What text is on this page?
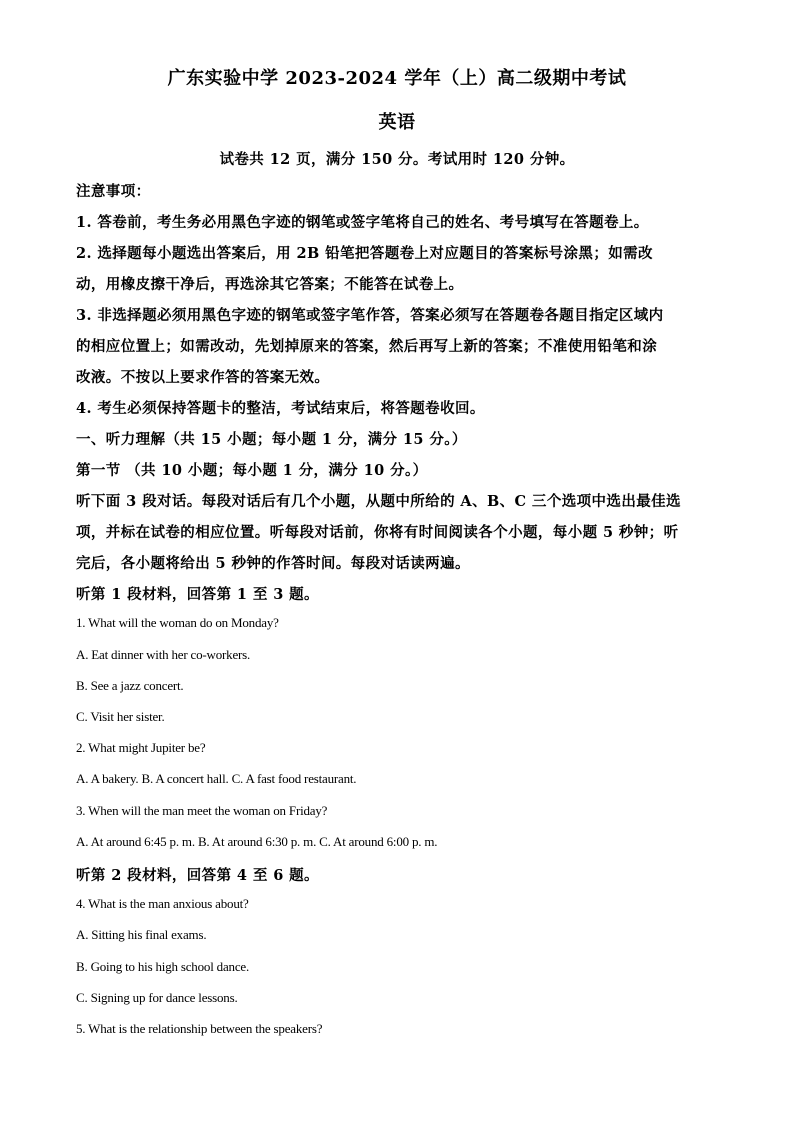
广东实验中学 2023-2024 学年（上）高二级期中考试
英语
试卷共 12 页，满分 150 分。考试用时 120 分钟。
注意事项：
1. 答卷前，考生务必用黑色字迹的钢笔或签字笔将自己的姓名、考号填写在答题卷上。
2. 选择题每小题选出答案后，用 2B 铅笔把答题卷上对应题目的答案标号涂黑；如需改
动，用橡皮擦干净后，再选涂其它答案；不能答在试卷上。
3. 非选择题必须用黑色字迹的钢笔或签字笔作答，答案必须写在答题卷各题目指定区域内
的相应位置上；如需改动，先划掉原来的答案，然后再写上新的答案；不准使用铅笔和涂
改液。不按以上要求作答的答案无效。
4. 考生必须保持答题卡的整洁，考试结束后，将答题卷收回。
一、听力理解（共 15 小题；每小题 1 分，满分 15 分。）
第一节 （共 10 小题；每小题 1 分，满分 10 分。）
听下面 3 段对话。每段对话后有几个小题，从题中所给的 A、B、C 三个选项中选出最佳选
项，并标在试卷的相应位置。听每段对话前，你将有时间阅读各个小题，每小题 5 秒钟；听
完后，各小题将给出 5 秒钟的作答时间。每段对话读两遍。
听第 1 段材料，回答第 1 至 3 题。
1. What will the woman do on Monday?
A. Eat dinner with her co-workers.
B. See a jazz concert.
C. Visit her sister.
2. What might Jupiter be?
A. A bakery. B. A concert hall. C. A fast food restaurant.
3. When will the man meet the woman on Friday?
A. At around 6:45 p. m. B. At around 6:30 p. m. C. At around 6:00 p. m.
听第 2 段材料，回答第 4 至 6 题。
4. What is the man anxious about?
A. Sitting his final exams.
B. Going to his high school dance.
C. Signing up for dance lessons.
5. What is the relationship between the speakers?
